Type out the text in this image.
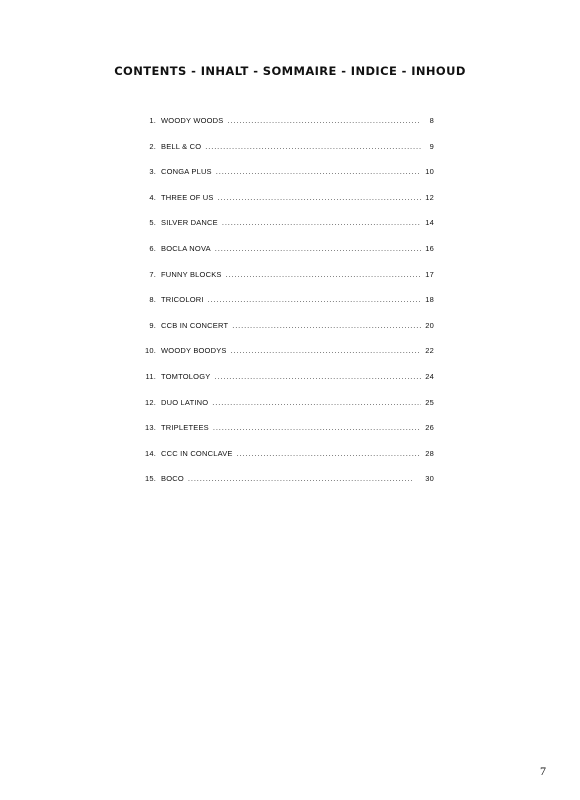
CONTENTS - INHALT - SOMMAIRE - INDICE - INHOUD
1. WOODY WOODS . . .	8
2. BELL & CO . . .	9
3. CONGA PLUS . . .	10
4. THREE OF US . . .	12
5. SILVER DANCE . . .	14
6. BOCLA NOVA . . .	16
7. FUNNY BLOCKS . . .	17
8. TRICOLORI . . .	18
9. CCB IN CONCERT . . .	20
10. WOODY BOODYS . . .	22
11. TOMTOLOGY . . .	24
12. DUO LATINO . . .	25
13. TRIPLETEES . . .	26
14. CCC IN CONCLAVE . . .	28
15. BOCO . . .	30
7
